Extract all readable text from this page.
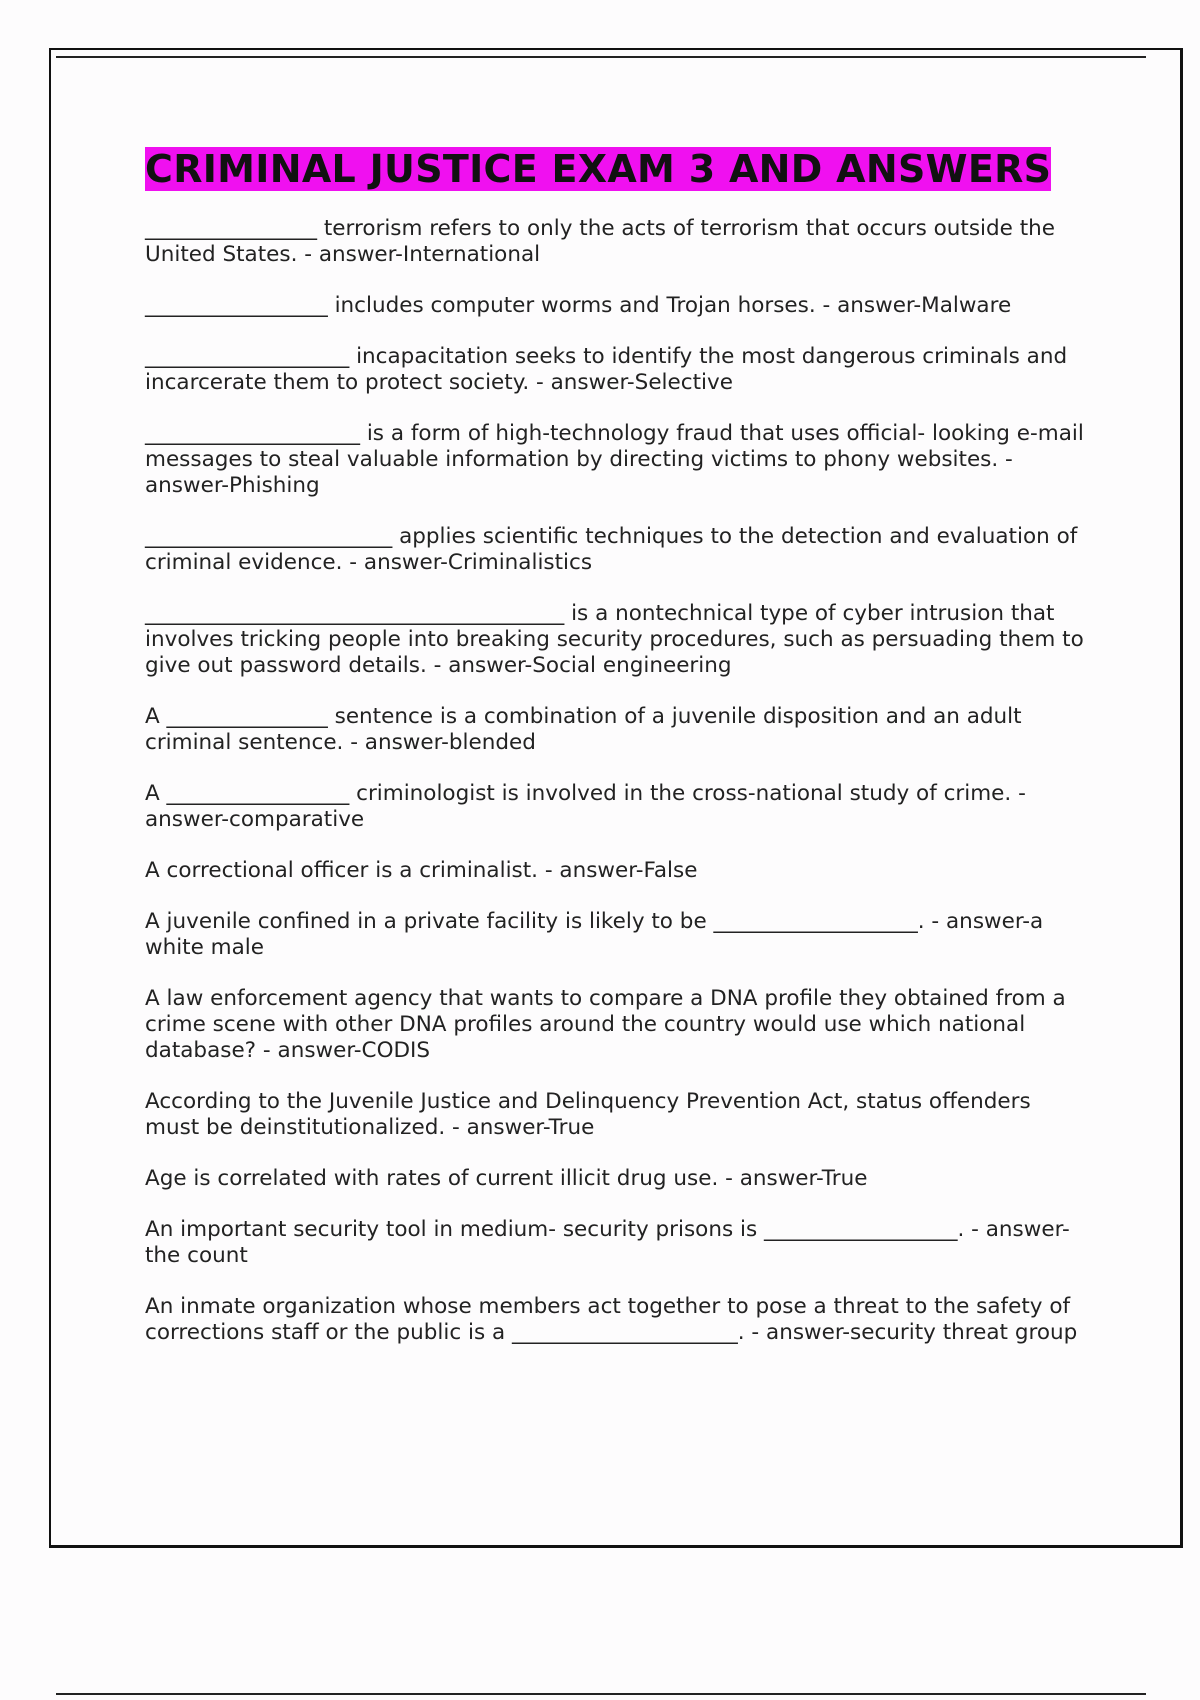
CRIMINAL JUSTICE EXAM 3 AND ANSWERS
________________ terrorism refers to only the acts of terrorism that occurs outside the United States. - answer-International
_________________ includes computer worms and Trojan horses. - answer-Malware
___________________ incapacitation seeks to identify the most dangerous criminals and incarcerate them to protect society. - answer-Selective
____________________ is a form of high-technology fraud that uses official- looking e-mail messages to steal valuable information by directing victims to phony websites. - answer-Phishing
_______________________ applies scientific techniques to the detection and evaluation of criminal evidence. - answer-Criminalistics
_______________________________________ is a nontechnical type of cyber intrusion that involves tricking people into breaking security procedures, such as persuading them to give out password details. - answer-Social engineering
A _______________ sentence is a combination of a juvenile disposition and an adult criminal sentence. - answer-blended
A _________________ criminologist is involved in the cross-national study of crime. - answer-comparative
A correctional officer is a criminalist. - answer-False
A juvenile confined in a private facility is likely to be ___________________. - answer-a white male
A law enforcement agency that wants to compare a DNA profile they obtained from a crime scene with other DNA profiles around the country would use which national database? - answer-CODIS
According to the Juvenile Justice and Delinquency Prevention Act, status offenders must be deinstitutionalized. - answer-True
Age is correlated with rates of current illicit drug use. - answer-True
An important security tool in medium- security prisons is __________________. - answer-the count
An inmate organization whose members act together to pose a threat to the safety of corrections staff or the public is a _____________________. - answer-security threat group
